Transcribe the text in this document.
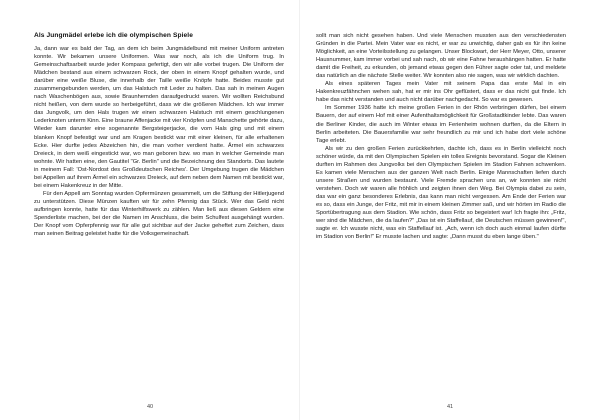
Als Jungmädel erlebe ich die olympischen Spiele

Ja, dann war es bald der Tag, an dem ich beim Jungmädelbund mit meiner Uniform antreten konnte. Wir bekamen unsere Uniformen. Was war noch, als ich die Uniform trug. In Gemeinschaftsarbeit wurde jeder Kompass gefertigt, den wir alle vorbei trugen. Die Uniform der Mädchen bestand aus einem schwarzen Rock, der oben in einem Knopf gehalten wurde, und darüber eine weiße Bluse, die innerhalb der Taille weiße Knöpfe hatte. Beides musste gut zusammengebunden werden, um das Halstuch mit Leder zu halten. Das sah in meinen Augen nach Waschenbögen aus, sowie Braunhemden daraufgedruckt waren. Wir wollten Reichsbund nicht heißen, von dem wurde so herbeigeführt, dass wir die größeren Mädchen. Ich war immer das Jungvolk, um den Hals trugen wir einen schwarzen Halstuch mit einem geschlungenen Lederknoten unterm Kinn. Eine braune Affenjacke mit vier Knöpfen und Manschette gehörte dazu, Wieder kam darunter eine sogenannte Bergsteigerjacke, die vom Hals ging und mit einem blanken Knopf befestigt war und am Kragen bestickt war mit einer kleinen, für alle erhaltenen Ecke. Hier durfte jedes Abzeichen hin, die man vorher verdient hatte. Ärmel ein schwarzes Dreieck, in dem weiß eingestickt war, wo man geboren bzw. wo man in welcher Gemeinde man wohnte. Wir hatten eine, den Gautitel "Gr. Berlin" und die Bezeichnung des Standorts. Das lautete in meinem Fall: 'Ost-Nordost des Großdeutschen Reiches'. Der Umgebung trugen die Mädchen bei Appellen auf ihrem Ärmel ein schwarzes Dreieck, auf dem neben dem Namen mit bestickt war, bei einem Hakenkreuz in der Mitte.

Für den Appell am Sonntag wurden Opfermünzen gesammelt, um die Stiftung der Hitlerjugend zu unterstützen. Diese Münzen kauften wir für zehn Pfennig das Stück. Wer das Geld nicht aufbringen konnte, hatte für das Winterhilfswerk zu zählen. Man ließ aus diesen Geldern eine Spenderliste machen, bei der die Namen im Anschluss, die beim Schulfest ausgehängt wurden. Der Knopf vom Opferpfennig war für alle gut sichtbar auf der Jacke geheftet zum Zeichen, dass man seinen Beitrag geleistet hatte für die Volksgemeinschaft.

40

sollt man sich nicht gesehen haben. Und viele Menschen mussten aus den verschiedensten Gründen in die Partei. Mein Vater war es nicht, er war zu unwichtig, daher gab es für ihn keine Möglichkeit, an eine Vorteilsstellung zu gelangen. Unser Blockwart, der Herr Meyer, Otto, unserer Hausnummer, kam immer vorbei und sah nach, ob wir eine Fahne heraushängen hatten. Er hatte damit die Freiheit, zu erkunden, ob jemand etwas gegen den Führer sagte oder tat, und meldete das natürlich an die nächste Stelle weiter. Wir konnten also nie sagen, was wir wirklich dachten.

Als eines späteren Tages mein Vater mit seinem Papa das erste Mal in ein Hakenkreuzfähnchen wehen sah, hat er mir ins Ohr geflüstert, dass er das nicht gut finde. Ich habe das nicht verstanden und auch nicht darüber nachgedacht. So war es gewesen.

Im Sommer 1936 hatte ich meine großen Ferien in der Rhön verbringen dürfen, bei einem Bauern, der auf einem Hof mit einer Aufenthaltsmöglichkeit für Großstadtkinder lebte. Das waren die Berliner Kinder, die auch im Winter etwas im Ferienheim wohnen durften, da die Eltern in Berlin arbeiteten. Die Bauersfamilie war sehr freundlich zu mir und ich habe dort viele schöne Tage erlebt.

Als wir zu den großen Ferien zurückkehrten, dachte ich, dass es in Berlin vielleicht noch schöner würde, da mit den Olympischen Spielen ein tolles Ereignis bevorstand. Sogar die Kleinen durften im Rahmen des Jungvolks bei den Olympischen Spielen im Stadion Fahnen schwenken. Es kamen viele Menschen aus der ganzen Welt nach Berlin. Einige Mannschaften liefen durch unsere Straßen und wurden bestaunt. Viele Fremde sprachen uns an, wir konnten sie nicht verstehen. Doch wir waren alle fröhlich und zeigten ihnen den Weg. Bei Olympia dabei zu sein, das war ein ganz besonderes Erlebnis, das kann man nicht vergessen. Am Ende der Ferien war es so, dass ein Junge, der Fritz, mit mir in einem kleinen Zimmer saß, und wir hörten im Radio die Sportübertragung aus dem Stadion. Wie schön, dass Fritz so begeistert war! Ich fragte ihn: „Fritz, wer sind die Mädchen, die da laufen?" „Das ist ein Staffellauf, die Deutschen müssen gewinnen!", sagte er. Ich wusste nicht, was ein Staffellauf ist. „Ach, wenn ich doch auch einmal laufen dürfte im Stadion von Berlin!" Er musste lachen und sagte: „Dann musst du eben lange üben."

41
